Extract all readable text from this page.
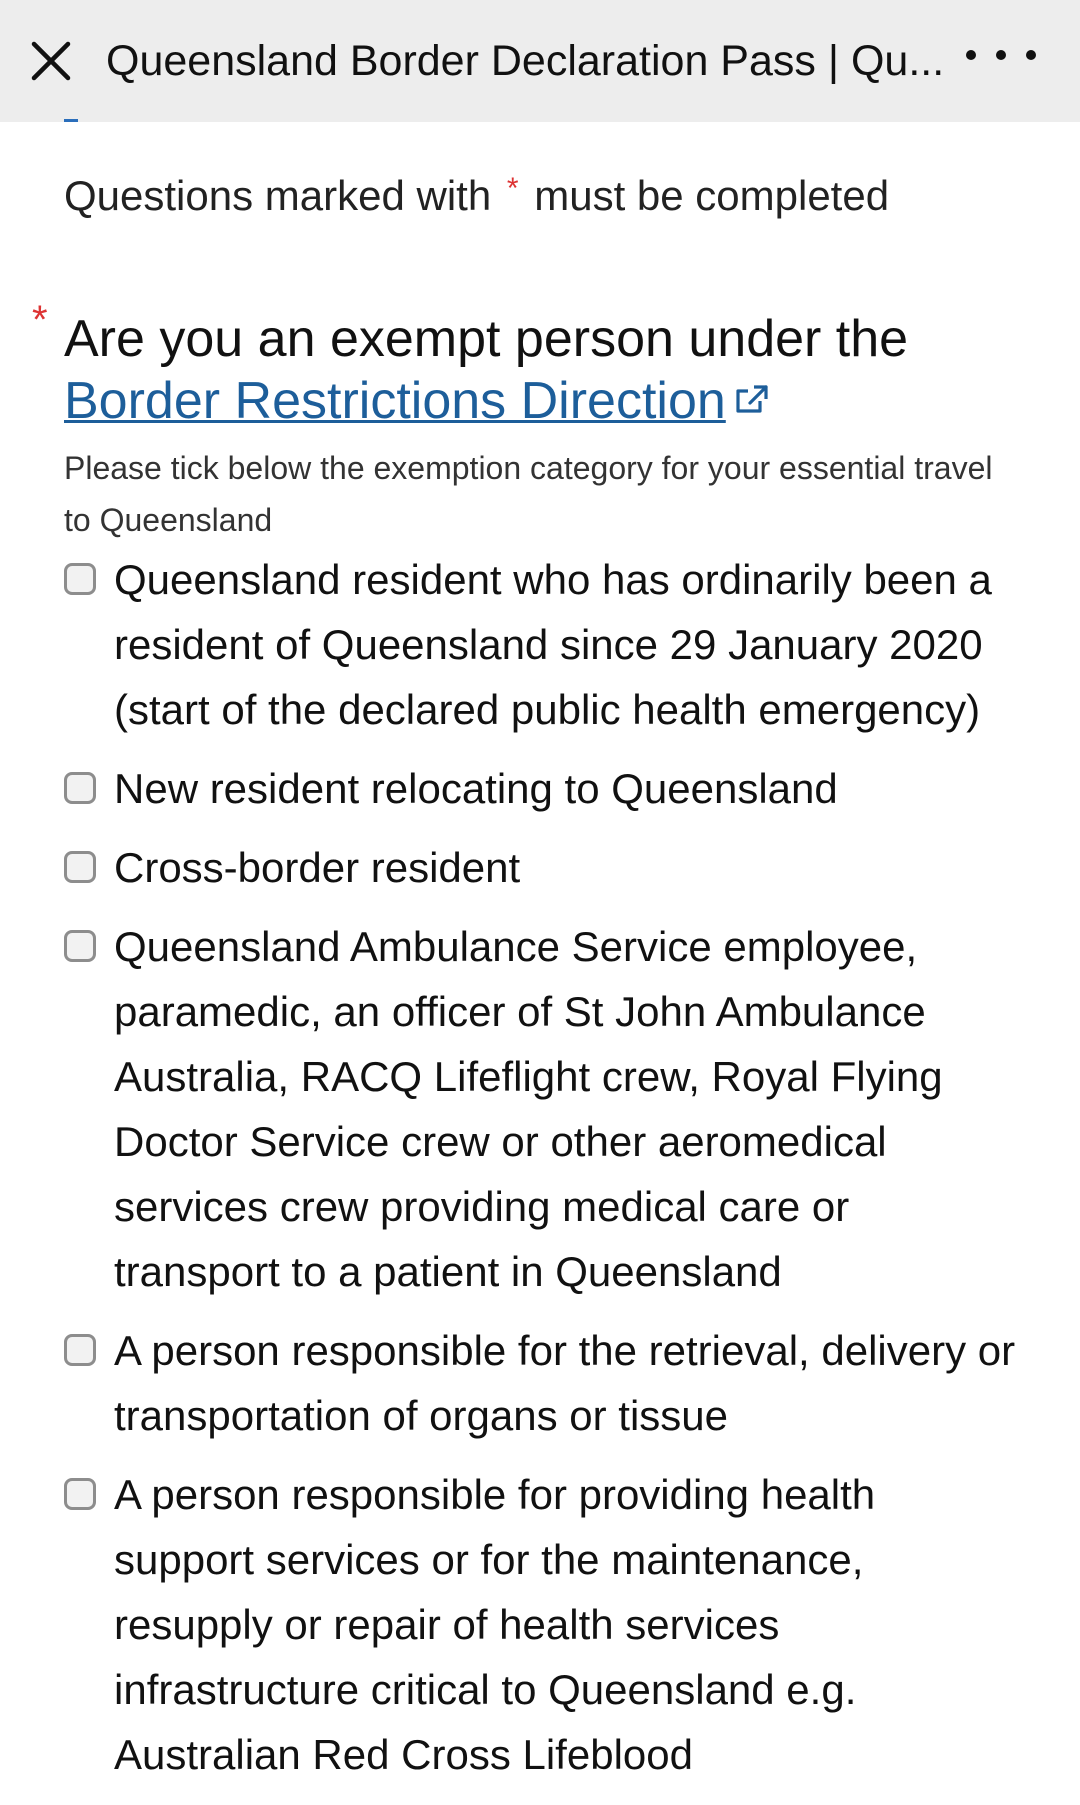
Queensland Border Declaration Pass | Qu...
Questions marked with * must be completed
* Are you an exempt person under the
Border Restrictions Direction
Please tick below the exemption category for your essential travel to Queensland
Queensland resident who has ordinarily been a resident of Queensland since 29 January 2020 (start of the declared public health emergency)
New resident relocating to Queensland
Cross-border resident
Queensland Ambulance Service employee, paramedic, an officer of St John Ambulance Australia, RACQ Lifeflight crew, Royal Flying Doctor Service crew or other aeromedical services crew providing medical care or transport to a patient in Queensland
A person responsible for the retrieval, delivery or transportation of organs or tissue
A person responsible for providing health support services or for the maintenance, resupply or repair of health services infrastructure critical to Queensland e.g. Australian Red Cross Lifeblood
